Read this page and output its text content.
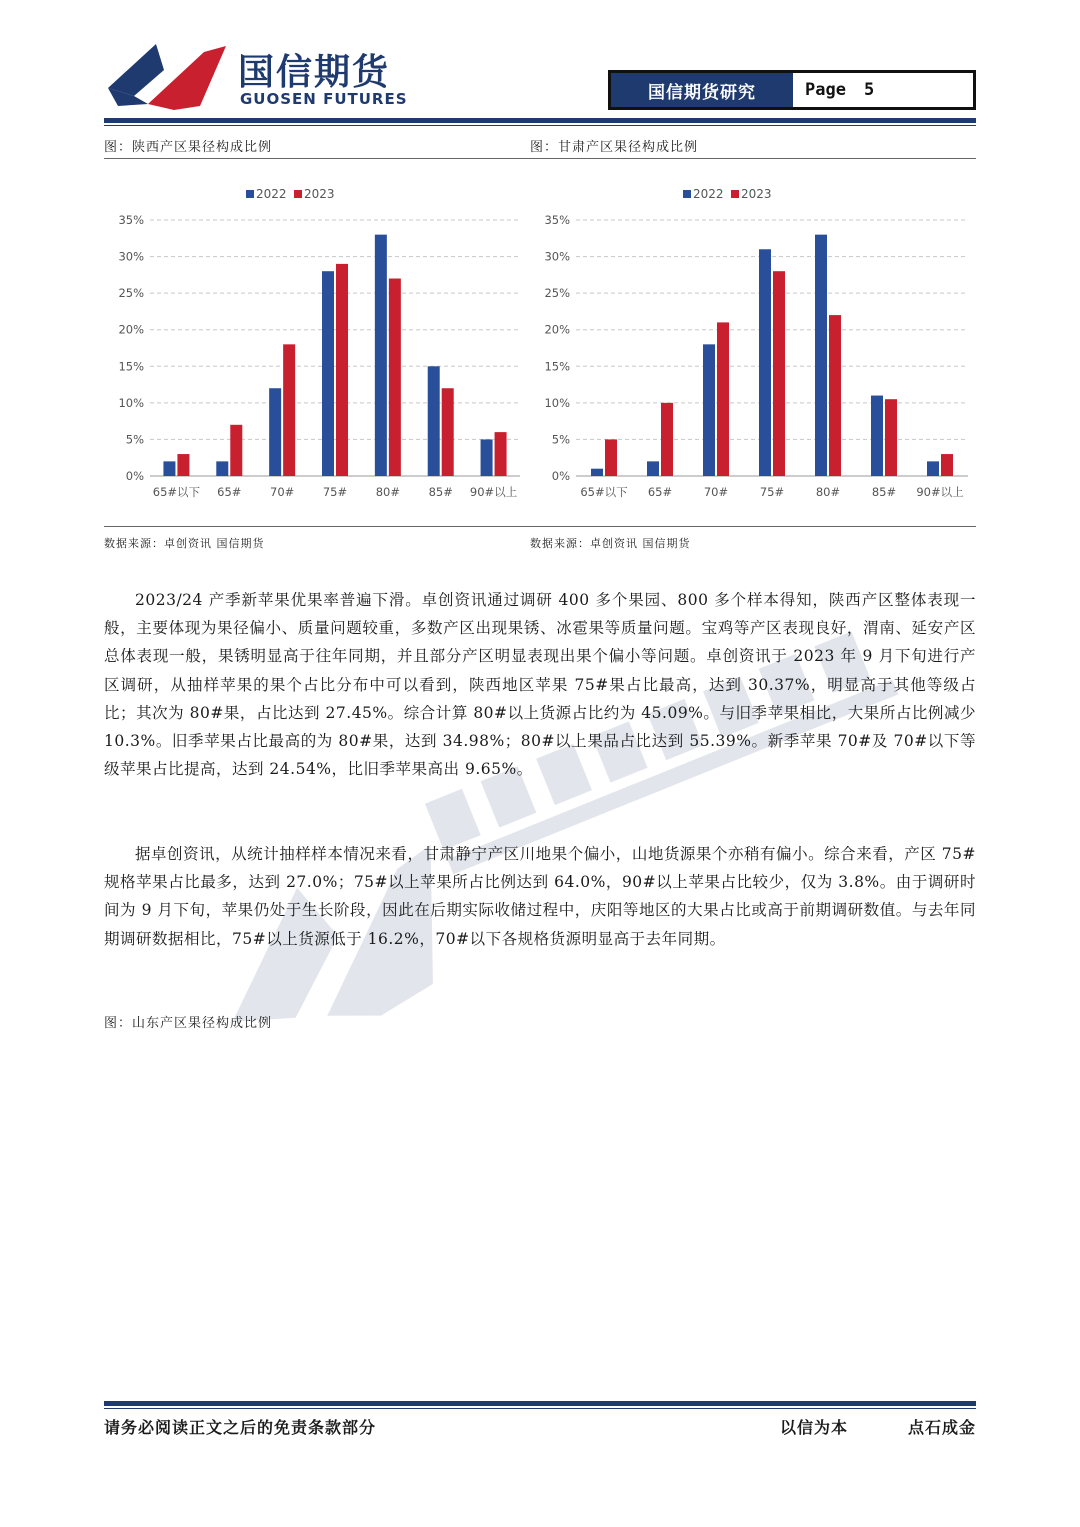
国信期货
GUOSEN FUTURES	国信期货研究	Page 5
图：陕西产区果径构成比例	图：甘肃产区果径构成比例
2022 2023
0%
5%
10%
15%
20%
25%
30%
35%
65#以下 65# 70# 75# 80# 85# 90#以上
2022 2023
0%
5%
10%
15%
20%
25%
30%
35%
65#以下 65#	70#	75#	80#	85# 90#以上
数据来源：卓创资讯 国信期货	数据来源：卓创资讯 国信期货
2023/24 产季新苹果优果率普遍下滑。卓创资讯通过调研 400 多个果园、800 多个样本得知，陕西产区整体表现一般，主要体现为果径偏小、质量问题较重，多数产区出现果锈、冰雹果等质量问题。宝鸡等产区表现良好，渭南、延安产区总体表现一般，果锈明显高于往年同期，并且部分产区明显表现出果个偏小等问题。卓创资讯于 2023 年 9 月下旬进行产区调研，从抽样苹果的果个占比分布中可以看到，陕西地区苹果 75#果占比最高，达到 30.37%，明显高于其他等级占比；其次为 80#果，占比达到 27.45%。综合计算 80#以上货源占比约为 45.09%。与旧季苹果相比，大果所占比例减少 10.3%。旧季苹果占比最高的为 80#果，达到 34.98%；80#以上果品占比达到 55.39%。新季苹果 70#及 70#以下等级苹果占比提高，达到 24.54%，比旧季苹果高出 9.65%。
据卓创资讯，从统计抽样样本情况来看，甘肃静宁产区川地果个偏小，山地货源果个亦稍有偏小。综合来看，产区 75#规格苹果占比最多，达到 27.0%；75#以上苹果所占比例达到 64.0%，90#以上苹果占比较少，仅为 3.8%。由于调研时间为 9 月下旬，苹果仍处于生长阶段，因此在后期实际收储过程中，庆阳等地区的大果占比或高于前期调研数值。与去年同期调研数据相比，75#以上货源低于 16.2%，70#以下各规格货源明显高于去年同期。
图：山东产区果径构成比例
请务必阅读正文之后的免责条款部分	以信为本	点石成金
